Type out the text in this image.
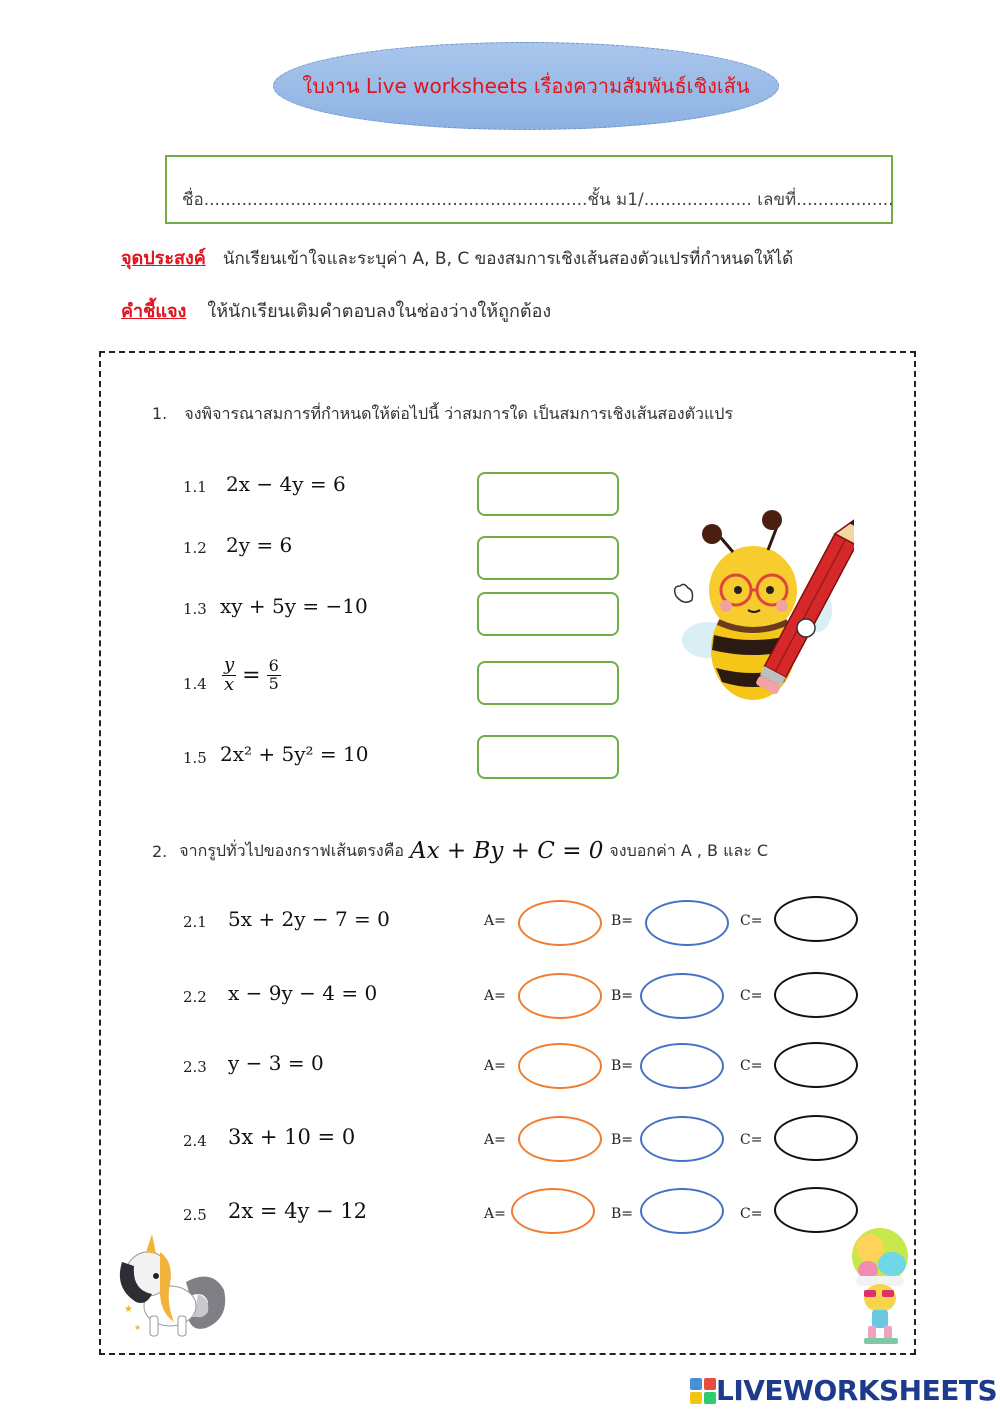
ใบงาน Live worksheets เรื่องความสัมพันธ์เชิงเส้น
ชื่อ.......................................................................ชั้น ม1/.................... เลขที่..................
จุดประสงค์ นักเรียนเข้าใจและระบุค่า A, B, C ของสมการเชิงเส้นสองตัวแปรที่กำหนดให้ได้
คำชี้แจง ให้นักเรียนเติมคำตอบลงในช่องว่างให้ถูกต้อง
1. จงพิจารณาสมการที่กำหนดให้ต่อไปนี้ ว่าสมการใด เป็นสมการเชิงเส้นสองตัวแปร
1.1 2x − 4y = 6
1.2 2y = 6
1.3 xy + 5y = −10
$1.4 \frac{y}{x} = \frac{6}{5}$
1.5 2x² + 5y² = 10
2. จากรูปทั่วไปของกราฟเส้นตรงคือ Ax + By + C = 0 จงบอกค่า A , B และ C
2.1 5x + 2y − 7 = 0	A=	B=	C=
2.2 x − 9y − 4 = 0	A=	B=	C=
2.3 y − 3 = 0	A=	B=	C=
2.4 3x + 10 = 0	A=	B=	C=
2.5 2x = 4y − 12	A=	B=	C=
★
★
LIVEWORKSHEETS
